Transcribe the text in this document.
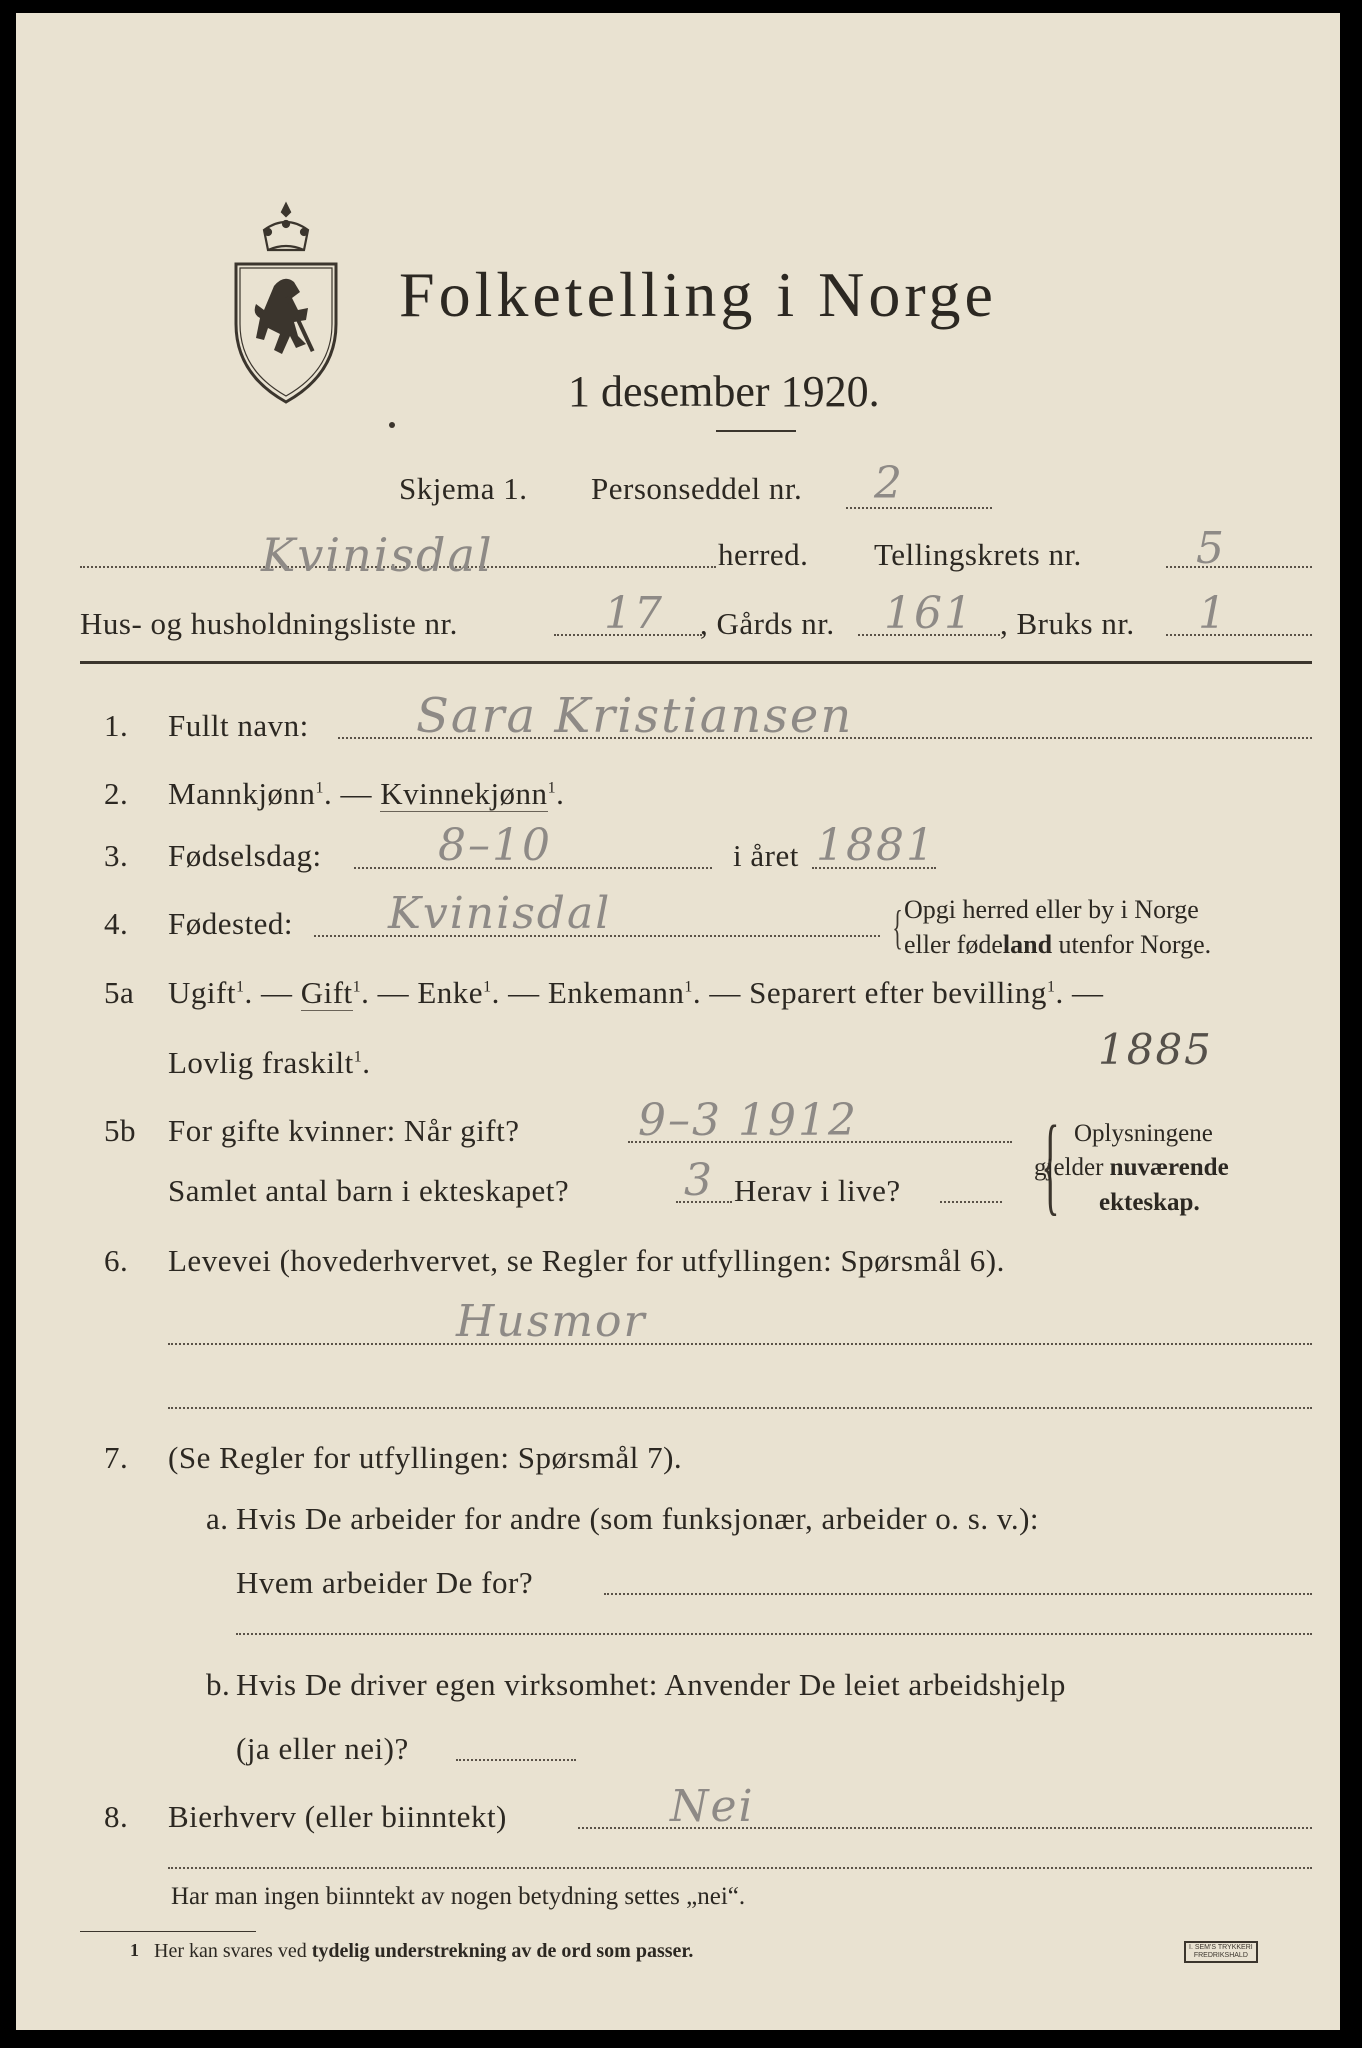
Folketelling i Norge
1 desember 1920.
Skjema 1. Personseddel nr. 2
Kvinisdal	herred. Tellingskrets nr.	5
Hus- og husholdningsliste nr.	17 , Gårds nr. 161 , Bruks nr. 1
1. Fullt navn: Sara Kristiansen
2. Mannkjønn$^1$. — Kvinnekjønn$^1$.
3. Fødselsdag:	8–10	i året 1881
4. Fødested: Kvinisdal	{ Opgi herred eller by i Norge
eller fødeland utenfor Norge.
5a Ugift$^1$. — Gift$^1$. — Enke$^1$. — Enkemann$^1$. — Separert efter bevilling$^1$. —
Lovlig fraskilt$^1$.	1885
5b For gifte kvinner: Når gift?	9–3 1912
Samlet antal barn i ekteskapet?	3 Herav i live? { Oplysningene
gjelder nuværende
ekteskap.
6. Levevei (hovederhvervet, se Regler for utfyllingen: Spørsmål 6).
Husmor
7. (Se Regler for utfyllingen: Spørsmål 7).
a. Hvis De arbeider for andre (som funksjonær, arbeider o. s. v.):
Hvem arbeider De for?
b. Hvis De driver egen virksomhet: Anvender De leiet arbeidshjelp
(ja eller nei)?
8. Bierhverv (eller biinntekt)	Nei
Har man ingen biinntekt av nogen betydning settes „nei“.
1 Her kan svares ved tydelig understrekning av de ord som passer.	I. SEM'S TRYKKERI
FREDRIKSHALD
